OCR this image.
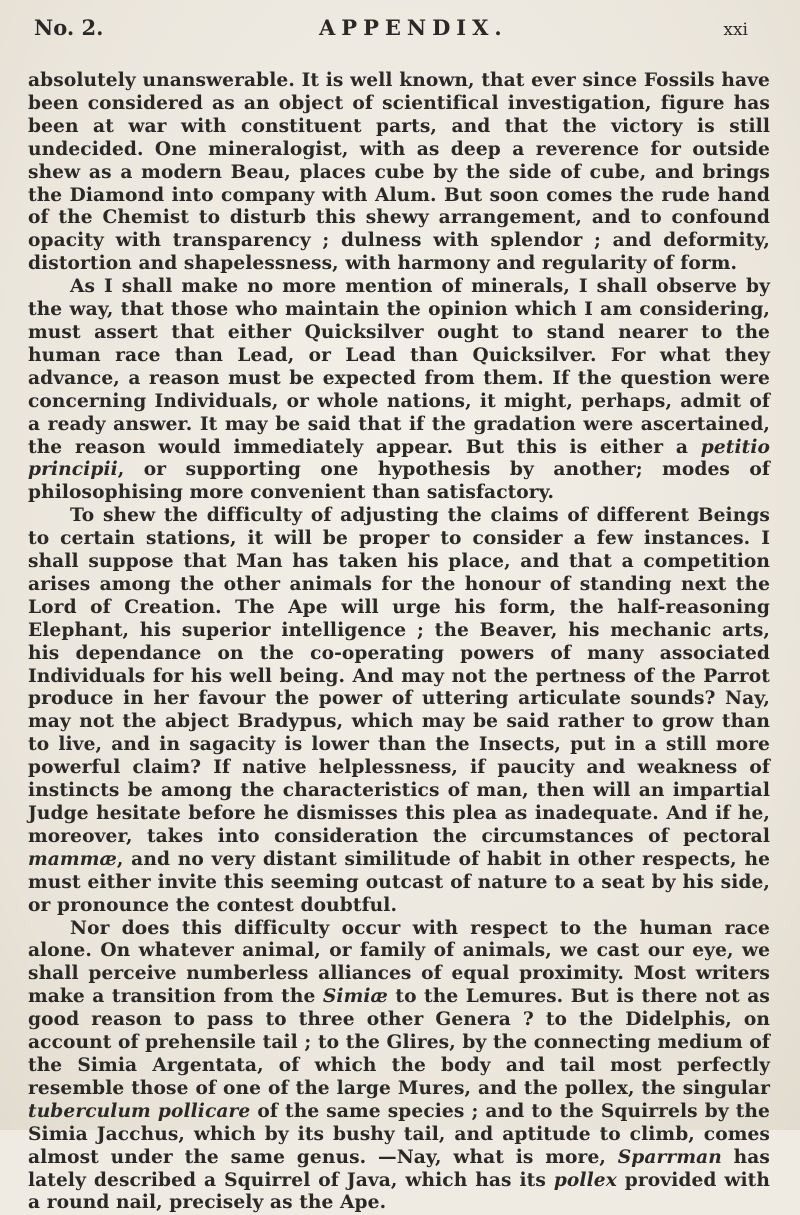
No. 2.	APPENDIX.	xxi

absolutely unanswerable. It is well known, that ever since Fossils have been considered as an object of scientifical investigation, figure has been at war with constituent parts, and that the victory is still undecided. One mineralogist, with as deep a reverence for outside shew as a modern Beau, places cube by the side of cube, and brings the Diamond into company with Alum. But soon comes the rude hand of the Chemist to disturb this shewy arrangement, and to confound opacity with transparency ; dulness with splendor ; and deformity, distortion and shapelessness, with harmony and regularity of form.

As I shall make no more mention of minerals, I shall observe by the way, that those who maintain the opinion which I am considering, must assert that either Quicksilver ought to stand nearer to the human race than Lead, or Lead than Quicksilver. For what they advance, a reason must be expected from them. If the question were concerning Individuals, or whole nations, it might, perhaps, admit of a ready answer. It may be said that if the gradation were ascertained, the reason would immediately appear. But this is either a petitio principii, or supporting one hypothesis by another; modes of philosophising more convenient than satisfactory.

To shew the difficulty of adjusting the claims of different Beings to certain stations, it will be proper to consider a few instances. I shall suppose that Man has taken his place, and that a competition arises among the other animals for the honour of standing next the Lord of Creation. The Ape will urge his form, the half-reasoning Elephant, his superior intelligence ; the Beaver, his mechanic arts, his dependance on the co-operating powers of many associated Individuals for his well being. And may not the pertness of the Parrot produce in her favour the power of uttering articulate sounds? Nay, may not the abject Bradypus, which may be said rather to grow than to live, and in sagacity is lower than the Insects, put in a still more powerful claim? If native helplessness, if paucity and weakness of instincts be among the characteristics of man, then will an impartial Judge hesitate before he dismisses this plea as inadequate. And if he, moreover, takes into consideration the circumstances of pectoral mammæ, and no very distant similitude of habit in other respects, he must either invite this seeming outcast of nature to a seat by his side, or pronounce the contest doubtful.

Nor does this difficulty occur with respect to the human race alone. On whatever animal, or family of animals, we cast our eye, we shall perceive numberless alliances of equal proximity. Most writers make a transition from the Simiæ to the Lemures. But is there not as good reason to pass to three other Genera ? to the Didelphis, on account of prehensile tail ; to the Glires, by the connecting medium of the Simia Argentata, of which the body and tail most perfectly resemble those of one of the large Mures, and the pollex, the singular tuberculum pollicare of the same species ; and to the Squirrels by the Simia Jacchus, which by its bushy tail, and aptitude to climb, comes almost under the same genus. —Nay, what is more, Sparrman has lately described a Squirrel of Java, which has its pollex provided with a round nail, precisely as the Ape.
